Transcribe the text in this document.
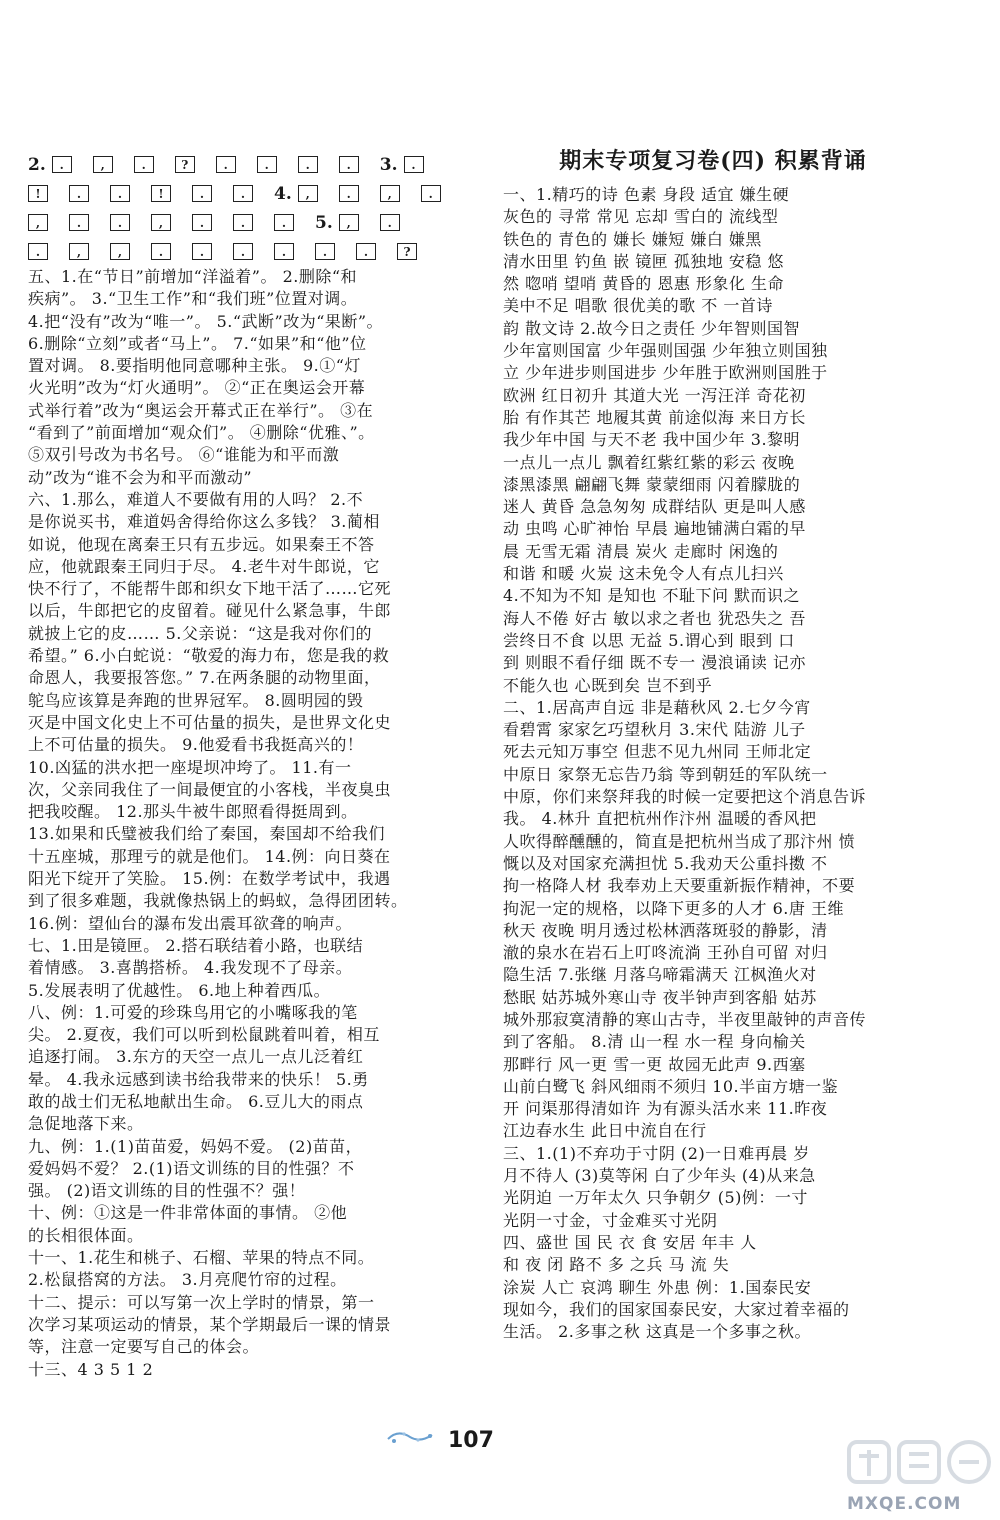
2.	.	,	.	?	.	.	.	.	3.	.
!	.	.	!	.	.	4.	,	.	,	.
,	.	.	,	.	.	.	5.	,	.
.	,	,	.	.	.	.	.	.	?
五、1.在“节日”前增加“洋溢着”。 2.删除“和
疾病”。 3.“卫生工作”和“我们班”位置对调。
4.把“没有”改为“唯一”。 5.“武断”改为“果断”。
6.删除“立刻”或者“马上”。 7.“如果”和“他”位
置对调。 8.要指明他同意哪种主张。 9.①“灯
火光明”改为“灯火通明”。 ②“正在奥运会开幕
式举行着”改为“奥运会开幕式正在举行”。 ③在
“看到了”前面增加“观众们”。 ④删除“优雅、”。
⑤双引号改为书名号。 ⑥“谁能为和平而激
动”改为“谁不会为和平而激动”
六、1.那么，难道人不要做有用的人吗？ 2.不
是你说买书，难道妈舍得给你这么多钱？ 3.蔺相
如说，他现在离秦王只有五步远。如果秦王不答
应，他就跟秦王同归于尽。 4.老牛对牛郎说，它
快不行了，不能帮牛郎和织女下地干活了……它死
以后，牛郎把它的皮留着。碰见什么紧急事，牛郎
就披上它的皮…… 5.父亲说：“这是我对你们的
希望。” 6.小白蛇说：“敬爱的海力布，您是我的救
命恩人，我要报答您。” 7.在两条腿的动物里面，
鸵鸟应该算是奔跑的世界冠军。 8.圆明园的毁
灭是中国文化史上不可估量的损失，是世界文化史
上不可估量的损失。 9.他爱看书我挺高兴的！
10.凶猛的洪水把一座堤坝冲垮了。 11.有一
次，父亲同我住了一间最便宜的小客栈，半夜臭虫
把我咬醒。 12.那头牛被牛郎照看得挺周到。
13.如果和氏璧被我们给了秦国，秦国却不给我们
十五座城，那理亏的就是他们。 14.例：向日葵在
阳光下绽开了笑脸。 15.例：在数学考试中，我遇
到了很多难题，我就像热锅上的蚂蚁，急得团团转。
16.例：望仙台的瀑布发出震耳欲聋的响声。
七、1.田是镜匣。 2.搭石联结着小路，也联结
着情感。 3.喜鹊搭桥。 4.我发现不了母亲。
5.发展表明了优越性。 6.地上种着西瓜。
八、例：1.可爱的珍珠鸟用它的小嘴啄我的笔
尖。 2.夏夜，我们可以听到松鼠跳着叫着，相互
追逐打闹。 3.东方的天空一点儿一点儿泛着红
晕。 4.我永远感到读书给我带来的快乐！ 5.勇
敢的战士们无私地献出生命。 6.豆儿大的雨点
急促地落下来。
九、例：1.(1)苗苗爱，妈妈不爱。 (2)苗苗，
爱妈妈不爱？ 2.(1)语文训练的目的性强？不
强。 (2)语文训练的目的性强不？强！
十、例：①这是一件非常体面的事情。 ②他
的长相很体面。
十一、1.花生和桃子、石榴、苹果的特点不同。
2.松鼠搭窝的方法。 3.月亮爬竹帘的过程。
十二、提示：可以写第一次上学时的情景，第一
次学习某项运动的情景，某个学期最后一课的情景
等，注意一定要写自己的体会。
十三、4 3 5 1 2
期末专项复习卷(四) 积累背诵
一、1.精巧的诗 色素 身段 适宜 嫌生硬
灰色的 寻常 常见 忘却 雪白的 流线型
铁色的 青色的 嫌长 嫌短 嫌白 嫌黑
清水田里 钓鱼 嵌 镜匣 孤独地 安稳 悠
然 唿哨 望哨 黄昏的 恩惠 形象化 生命
美中不足 唱歌 很优美的歌 不 一首诗
韵 散文诗 2.故今日之责任 少年智则国智
少年富则国富 少年强则国强 少年独立则国独
立 少年进步则国进步 少年胜于欧洲则国胜于
欧洲 红日初升 其道大光 一泻汪洋 奇花初
胎 有作其芒 地履其黄 前途似海 来日方长
我少年中国 与天不老 我中国少年 3.黎明
一点儿一点儿 飘着红紫红紫的彩云 夜晚
漆黑漆黑 翩翩飞舞 蒙蒙细雨 闪着朦胧的
迷人 黄昏 急急匆匆 成群结队 更是叫人感
动 虫鸣 心旷神怡 早晨 遍地铺满白霜的早
晨 无雪无霜 清晨 炭火 走廊时 闲逸的
和谐 和暖 火炭 这未免令人有点儿扫兴
4.不知为不知 是知也 不耻下问 默而识之
海人不倦 好古 敏以求之者也 犹恐失之 吾
尝终日不食 以思 无益 5.谓心到 眼到 口
到 则眼不看仔细 既不专一 漫浪诵读 记亦
不能久也 心既到矣 岂不到乎
二、1.居高声自远 非是藉秋风 2.七夕今宵
看碧霄 家家乞巧望秋月 3.宋代 陆游 儿子
死去元知万事空 但悲不见九州同 王师北定
中原日 家祭无忘告乃翁 等到朝廷的军队统一
中原，你们来祭拜我的时候一定要把这个消息告诉
我。 4.林升 直把杭州作汴州 温暖的香风把
人吹得醉醺醺的，简直是把杭州当成了那汴州 愤
慨以及对国家充满担忧 5.我劝天公重抖擞 不
拘一格降人材 我奉劝上天要重新振作精神，不要
拘泥一定的规格，以降下更多的人才 6.唐 王维
秋天 夜晚 明月透过松林洒落斑驳的静影，清
澈的泉水在岩石上叮咚流淌 王孙自可留 对归
隐生活 7.张继 月落乌啼霜满天 江枫渔火对
愁眠 姑苏城外寒山寺 夜半钟声到客船 姑苏
城外那寂寞清静的寒山古寺，半夜里敲钟的声音传
到了客船。 8.清 山一程 水一程 身向榆关
那畔行 风一更 雪一更 故园无此声 9.西塞
山前白鹭飞 斜风细雨不须归 10.半亩方塘一鉴
开 问渠那得清如许 为有源头活水来 11.昨夜
江边春水生 此日中流自在行
三、1.(1)不弃功于寸阴 (2)一日难再晨 岁
月不待人 (3)莫等闲 白了少年头 (4)从来急
光阴迫 一万年太久 只争朝夕 (5)例：一寸
光阴一寸金，寸金难买寸光阴
四、盛世 国 民 衣 食 安居 年丰 人
和 夜 闭 路不 多 之兵 马 流 失
涂炭 人亡 哀鸿 聊生 外患 例：1.国泰民安
现如今，我们的国家国泰民安，大家过着幸福的
生活。 2.多事之秋 这真是一个多事之秋。
107
MXQE.COM
